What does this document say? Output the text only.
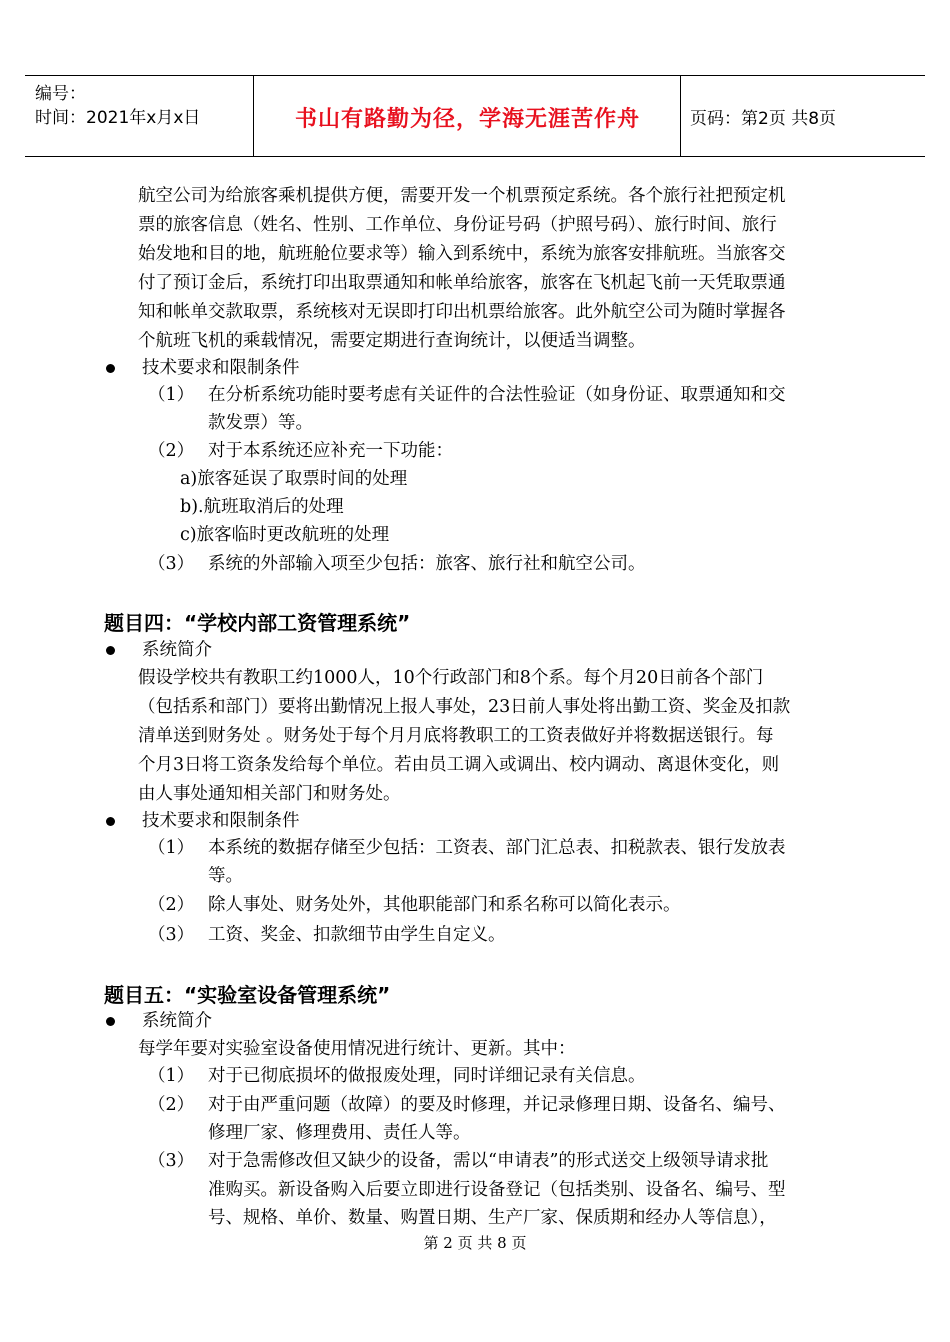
编号：
时间：2021年x月x日	书山有路勤为径，学海无涯苦作舟	页码：第2页 共8页
航空公司为给旅客乘机提供方便，需要开发一个机票预定系统。各个旅行社把预定机
票的旅客信息（姓名、性别、工作单位、身份证号码（护照号码）、旅行时间、旅行
始发地和目的地，航班舱位要求等）输入到系统中，系统为旅客安排航班。当旅客交
付了预订金后，系统打印出取票通知和帐单给旅客，旅客在飞机起飞前一天凭取票通
知和帐单交款取票，系统核对无误即打印出机票给旅客。此外航空公司为随时掌握各
个航班飞机的乘载情况，需要定期进行查询统计，以便适当调整。
技术要求和限制条件
（1） 在分析系统功能时要考虑有关证件的合法性验证（如身份证、取票通知和交
款发票）等。
（2） 对于本系统还应补充一下功能：
a)旅客延误了取票时间的处理
b).航班取消后的处理
c)旅客临时更改航班的处理
（3） 系统的外部输入项至少包括：旅客、旅行社和航空公司。
题目四：“学校内部工资管理系统”
系统简介
假设学校共有教职工约1000人，10个行政部门和8个系。每个月20日前各个部门
（包括系和部门）要将出勤情况上报人事处，23日前人事处将出勤工资、奖金及扣款
清单送到财务处 。财务处于每个月月底将教职工的工资表做好并将数据送银行。每
个月3日将工资条发给每个单位。若由员工调入或调出、校内调动、离退休变化，则
由人事处通知相关部门和财务处。
技术要求和限制条件
（1） 本系统的数据存储至少包括：工资表、部门汇总表、扣税款表、银行发放表
等。
（2） 除人事处、财务处外，其他职能部门和系名称可以简化表示。
（3） 工资、奖金、扣款细节由学生自定义。
题目五：“实验室设备管理系统”
系统简介
每学年要对实验室设备使用情况进行统计、更新。其中：
（1） 对于已彻底损坏的做报废处理，同时详细记录有关信息。
（2） 对于由严重问题（故障）的要及时修理，并记录修理日期、设备名、编号、
修理厂家、修理费用、责任人等。
（3） 对于急需修改但又缺少的设备，需以“申请表”的形式送交上级领导请求批
准购买。新设备购入后要立即进行设备登记（包括类别、设备名、编号、型
号、规格、单价、数量、购置日期、生产厂家、保质期和经办人等信息），
第 2 页 共 8 页
